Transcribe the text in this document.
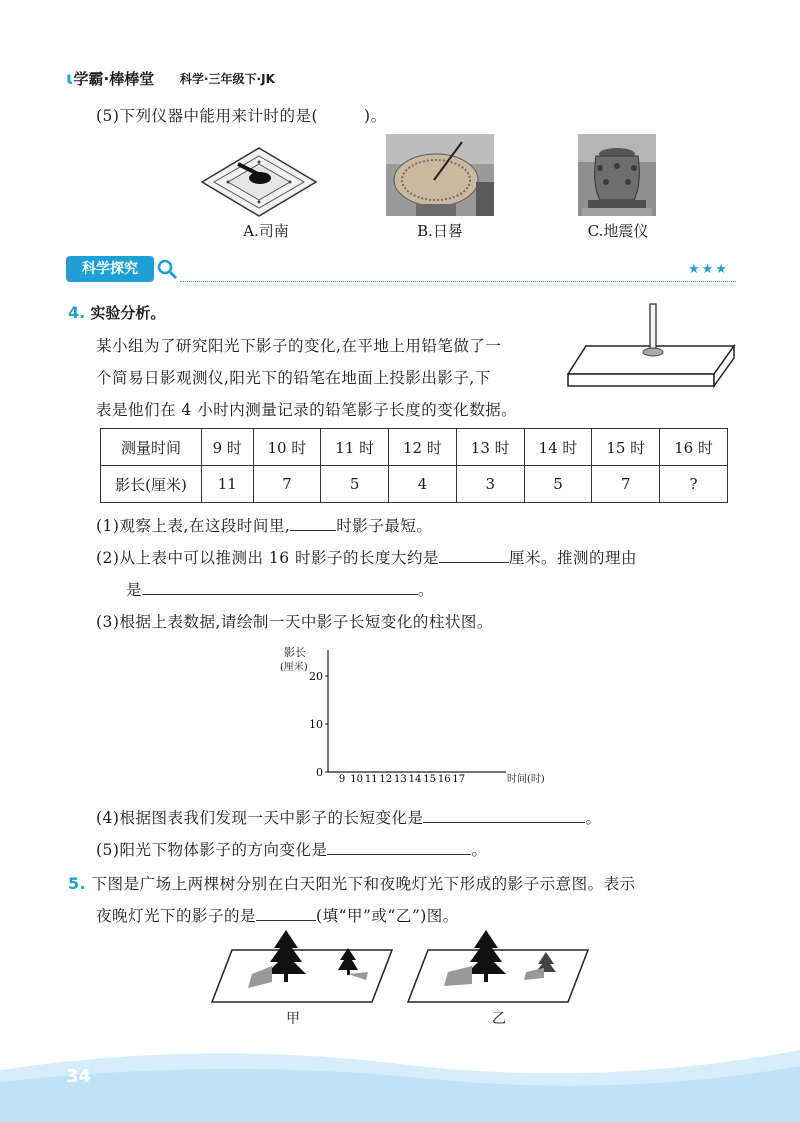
ɩ学霸·棒棒堂 科学·三年级下·JK
(5)下列仪器中能用来计时的是(	)。
A.司南	B.日晷	C.地震仪
科学探究	★★★
4. 实验分析。
某小组为了研究阳光下影子的变化,在平地上用铅笔做了一
个简易日影观测仪,阳光下的铅笔在地面上投影出影子,下
表是他们在 4 小时内测量记录的铅笔影子长度的变化数据。
测量时间	9 时	10 时	11 时	12 时	13 时	14 时	15 时	16 时
影长(厘米)	11	7	5	4	3	5	7	?
(1)观察上表,在这段时间里,	时影子最短。
(2)从上表中可以推测出 16 时影子的长度大约是	厘米。推测的理由
是	。
(3)根据上表数据,请绘制一天中影子长短变化的柱状图。
影长
(厘米)
0
10
20
9 10 11 12 13 14 15 16 17	时间(时)
(4)根据图表我们发现一天中影子的长短变化是	。
(5)阳光下物体影子的方向变化是	。
5. 下图是广场上两棵树分别在白天阳光下和夜晚灯光下形成的影子示意图。表示
夜晚灯光下的影子的是	(填“甲”或“乙”)图。
甲	乙
34
